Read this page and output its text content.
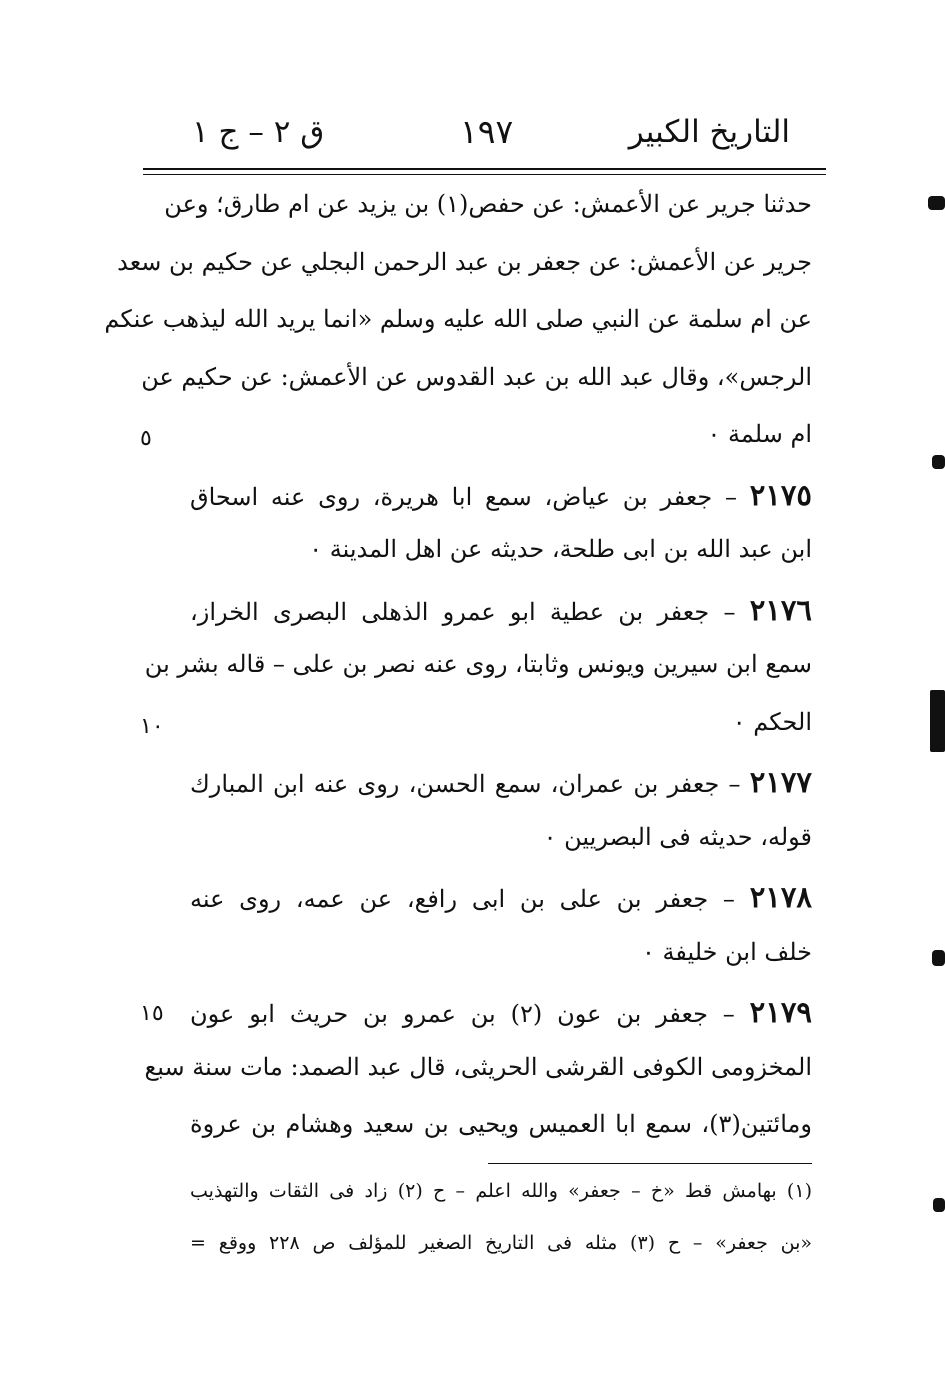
التاريخ الكبير
١٩٧
ق ٢ – ج ١
حدثنا جرير عن الأعمش: عن حفص(١) بن يزيد عن ام طارق؛ وعن
جرير عن الأعمش: عن جعفر بن عبد الرحمن البجلي عن حكيم بن سعد
عن ام سلمة عن النبي صلى الله عليه وسلم «انما يريد الله ليذهب عنكم
الرجس»، وقال عبد الله بن عبد القدوس عن الأعمش: عن حكيم عن
ام سلمة ٠
٥
٢١٧٥ – جعفر بن عياض، سمع ابا هريرة، روى عنه اسحاق
ابن عبد الله بن ابى طلحة، حديثه عن اهل المدينة ٠
٢١٧٦ – جعفر بن عطية ابو عمرو الذهلى البصرى الخراز،
سمع ابن سيرين ويونس وثابتا، روى عنه نصر بن على – قاله بشر بن
الحكم ٠
١٠
٢١٧٧ – جعفر بن عمران، سمع الحسن، روى عنه ابن المبارك
قوله، حديثه فى البصريين ٠
٢١٧٨ – جعفر بن على بن ابى رافع، عن عمه، روى عنه
خلف ابن خليفة ٠
٢١٧٩ – جعفر بن عون (٢) بن عمرو بن حريث ابو عون
١٥
المخزومى الكوفى القرشى الحريثى، قال عبد الصمد: مات سنة سبع
ومائتين(٣)، سمع ابا العميس ويحيى بن سعيد وهشام بن عروة
(١) بهامش قط «خ – جعفر» والله اعلم – ح (٢) زاد فى الثقات والتهذيب
«بن جعفر» – ح (٣) مثله فى التاريخ الصغير للمؤلف ص ٢٢٨ ووقع =
